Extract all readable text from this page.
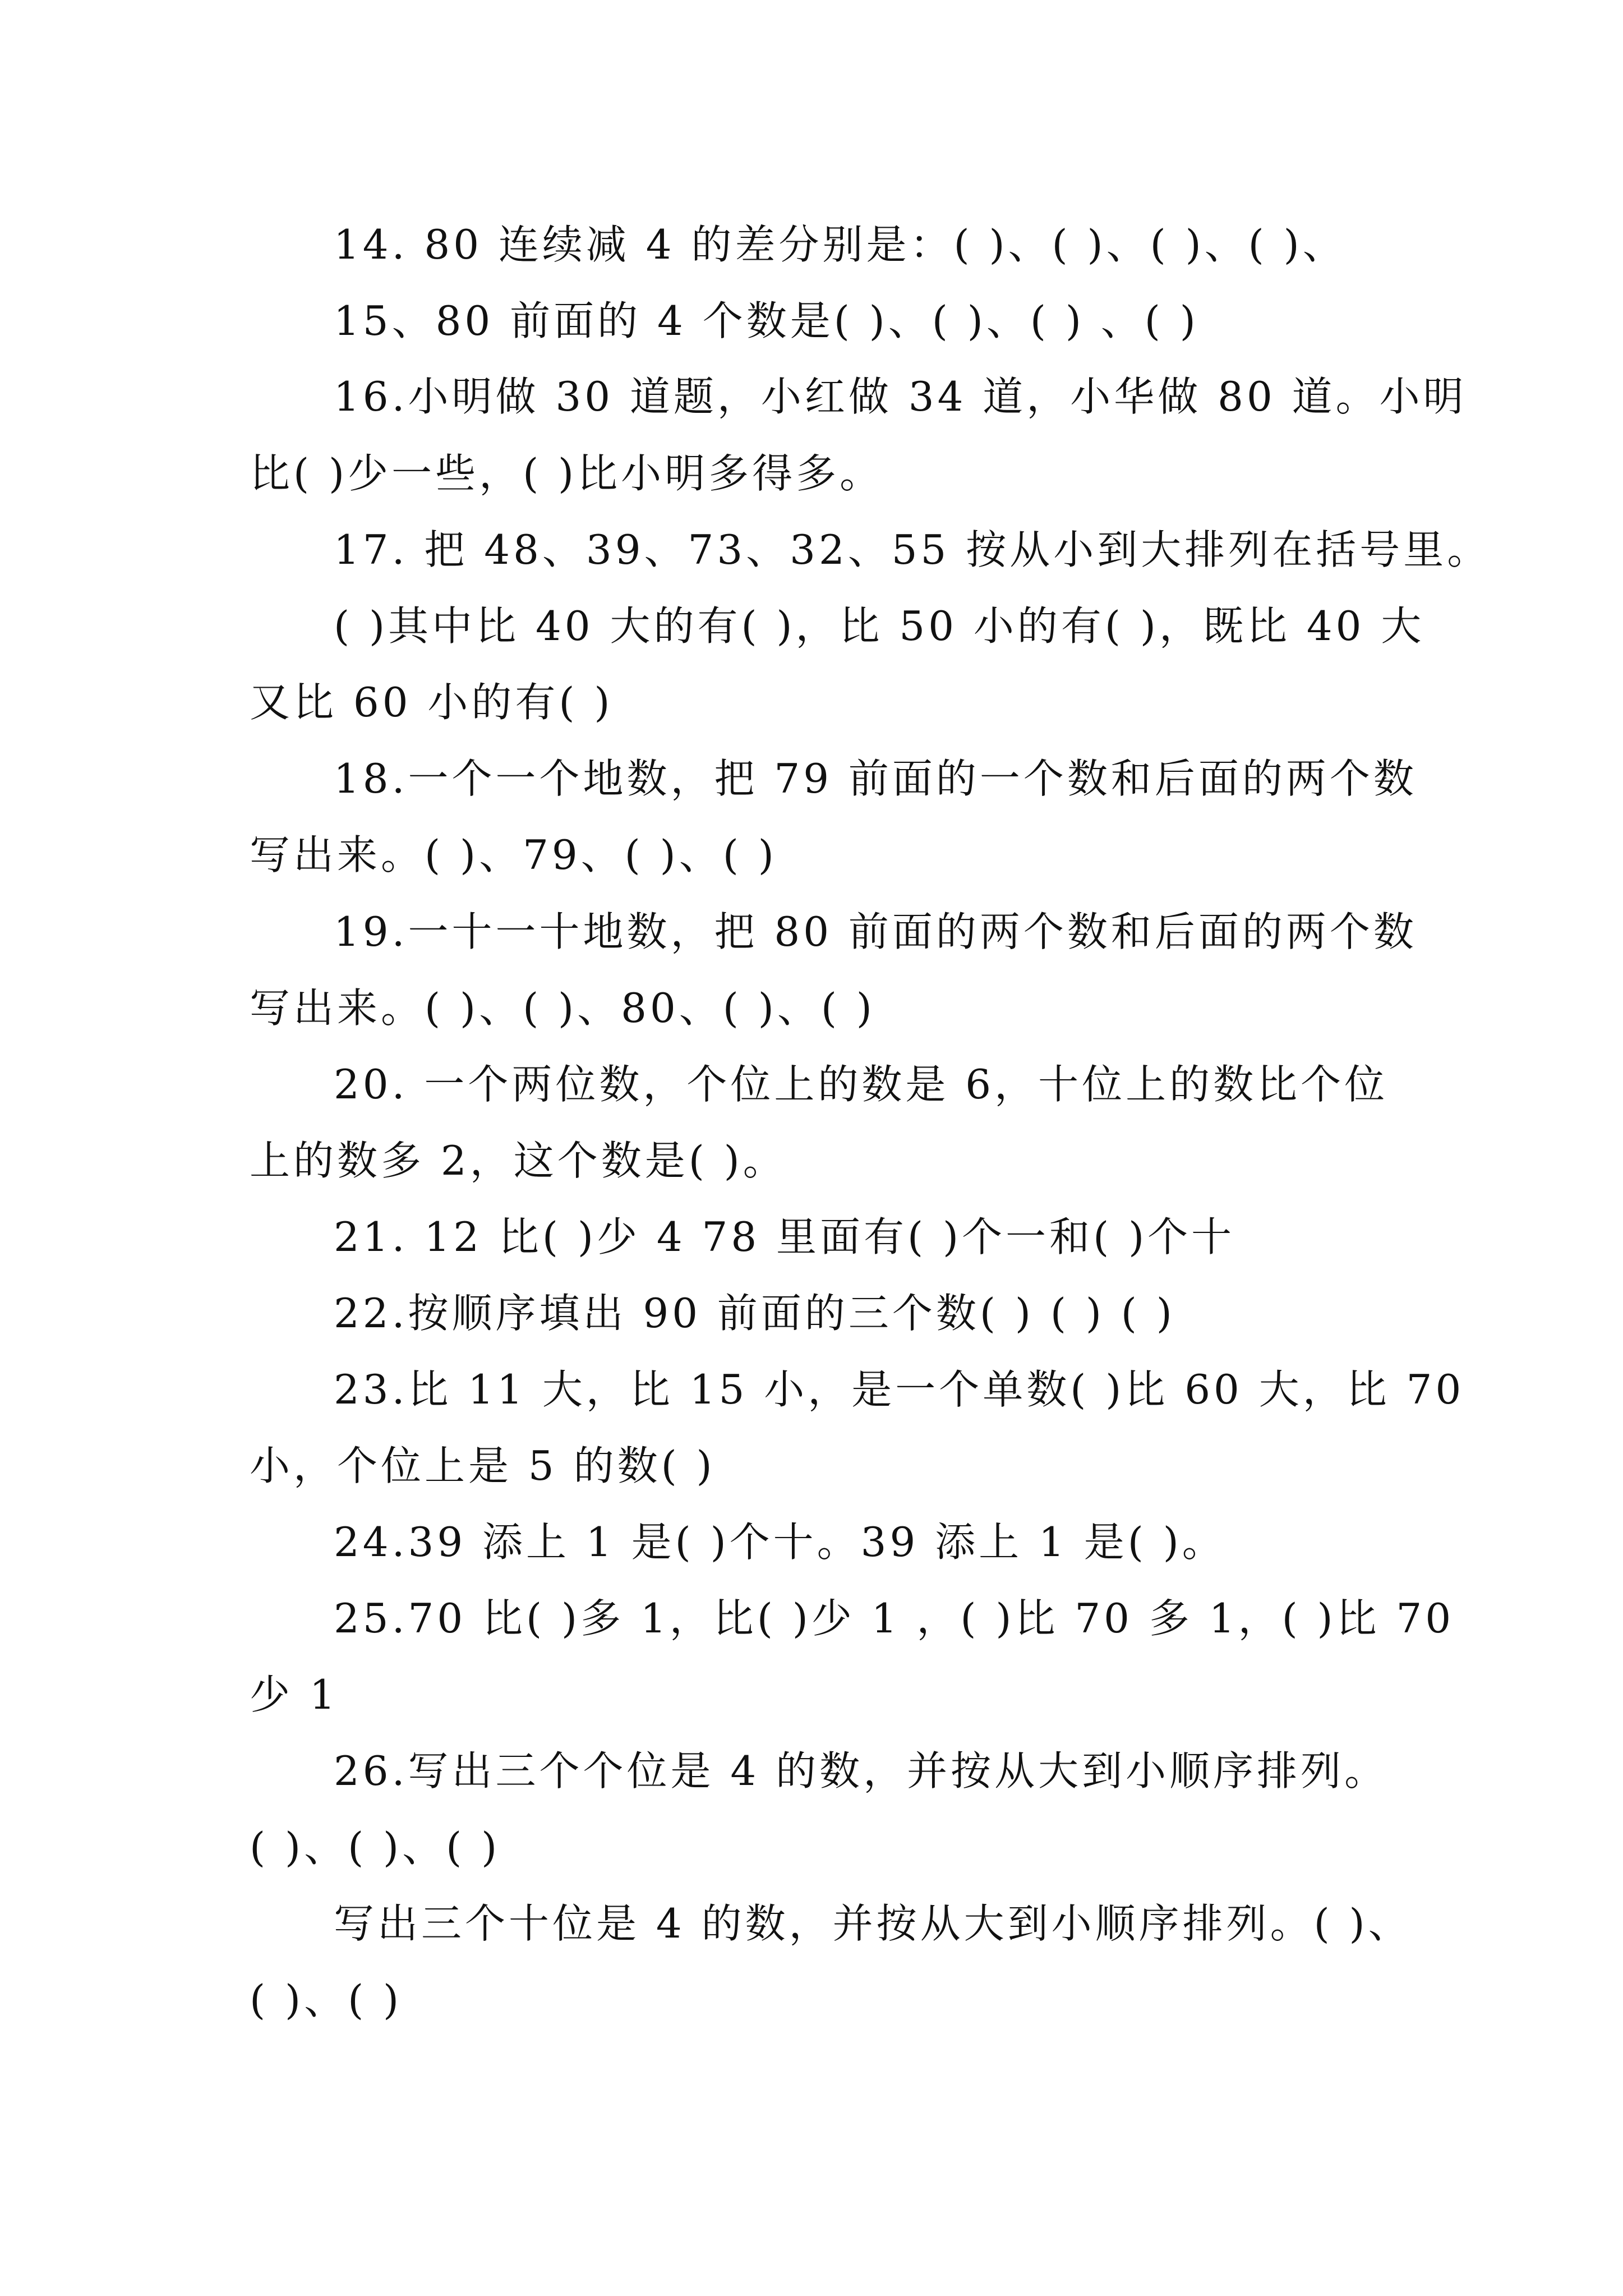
14. 80 连续减 4 的差分别是：( )、( )、( )、( )、
15、80 前面的 4 个数是( )、( )、( ) 、( )
16.小明做 30 道题，小红做 34 道，小华做 80 道。小明
比( )少一些，( )比小明多得多。
17. 把 48、39、73、32、55 按从小到大排列在括号里。
( )其中比 40 大的有( )，比 50 小的有( )，既比 40 大
又比 60 小的有( )
18.一个一个地数，把 79 前面的一个数和后面的两个数
写出来。( )、79、( )、( )
19.一十一十地数，把 80 前面的两个数和后面的两个数
写出来。( )、( )、80、( )、( )
20. 一个两位数，个位上的数是 6，十位上的数比个位
上的数多 2，这个数是( )。
21. 12 比( )少 4 78 里面有( )个一和( )个十
22.按顺序填出 90 前面的三个数( ) ( ) ( )
23.比 11 大，比 15 小，是一个单数( )比 60 大，比 70
小，个位上是 5 的数( )
24.39 添上 1 是( )个十。39 添上 1 是( )。
25.70 比( )多 1，比( )少 1 ，( )比 70 多 1，( )比 70
少 1
26.写出三个个位是 4 的数，并按从大到小顺序排列。
( )、( )、( )
写出三个十位是 4 的数，并按从大到小顺序排列。( )、
( )、( )
